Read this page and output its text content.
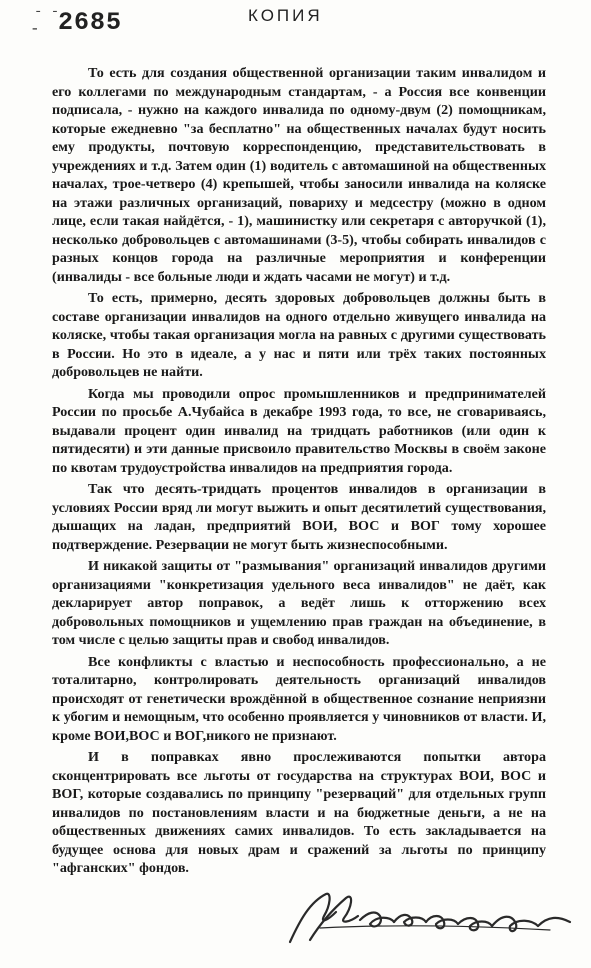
- -
- 2685	КОПИЯ

То есть для создания общественной организации таким инвалидом и его коллегами по международным стандартам, - а Россия все конвенции подписала, - нужно на каждого инвалида по одному-двум (2) помощникам, которые ежедневно "за бесплатно" на общественных началах будут носить ему продукты, почтовую корреспонденцию, представительствовать в учреждениях и т.д. Затем один (1) водитель с автомашиной на общественных началах, трое-четверо (4) крепышей, чтобы заносили инвалида на коляске на этажи различных организаций, повариху и медсестру (можно в одном лице, если такая найдётся, - 1), машинистку или секретаря с авторучкой (1), несколько добровольцев с автомашинами (3-5), чтобы собирать инвалидов с разных концов города на различные мероприятия и конференции (инвалиды - все больные люди и ждать часами не могут) и т.д.

То есть, примерно, десять здоровых добровольцев должны быть в составе организации инвалидов на одного отдельно живущего инвалида на коляске, чтобы такая организация могла на равных с другими существовать в России. Но это в идеале, а у нас и пяти или трёх таких постоянных добровольцев не найти.

Когда мы проводили опрос промышленников и предпринимателей России по просьбе А.Чубайса в декабре 1993 года, то все, не сговариваясь, выдавали процент один инвалид на тридцать работников (или один к пятидесяти) и эти данные присвоило правительство Москвы в своём законе по квотам трудоустройства инвалидов на предприятия города.

Так что десять-тридцать процентов инвалидов в организации в условиях России вряд ли могут выжить и опыт десятилетий существования, дышащих на ладан, предприятий ВОИ, ВОС и ВОГ тому хорошее подтверждение. Резервации не могут быть жизнеспособными.

И никакой защиты от "размывания" организаций инвалидов другими организациями "конкретизация удельного веса инвалидов" не даёт, как декларирует автор поправок, а ведёт лишь к отторжению всех добровольных помощников и ущемлению прав граждан на объединение, в том числе с целью защиты прав и свобод инвалидов.

Все конфликты с властью и неспособность профессионально, а не тоталитарно, контролировать деятельность организаций инвалидов происходят от генетически врождённой в общественное сознание неприязни к убогим и немощным, что особенно проявляется у чиновников от власти. И, кроме ВОИ,ВОС и ВОГ,никого не признают.

И в поправках явно прослеживаются попытки автора сконцентрировать все льготы от государства на структурах ВОИ, ВОС и ВОГ, которые создавались по принципу "резерваций" для отдельных групп инвалидов по постановлениям власти и на бюджетные деньги, а не на общественных движениях самих инвалидов. То есть закладывается на будущее основа для новых драм и сражений за льготы по принципу "афганских" фондов.
